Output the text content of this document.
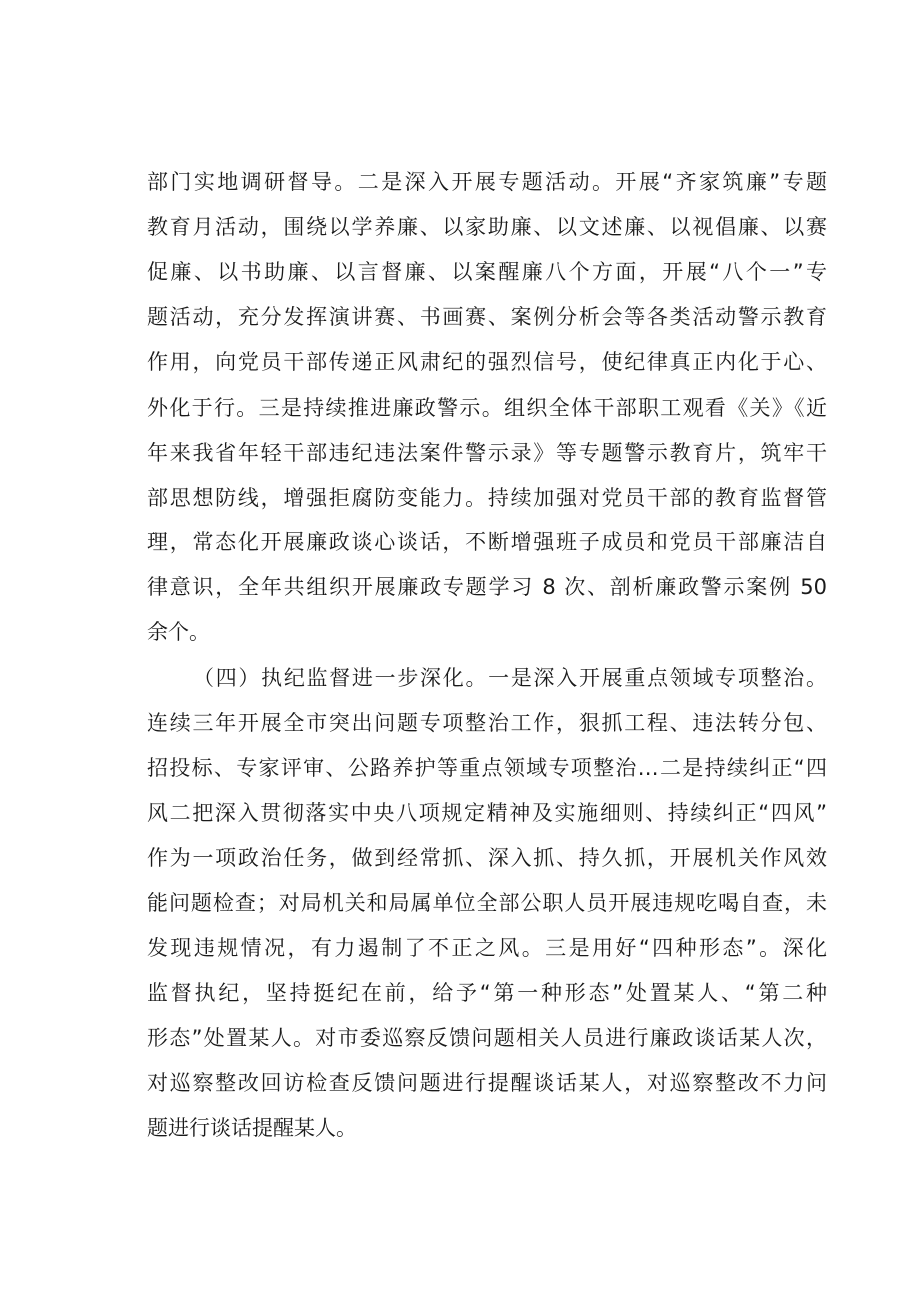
部门实地调研督导。二是深入开展专题活动。开展“齐家筑廉”专题
教育月活动，围绕以学养廉、以家助廉、以文述廉、以视倡廉、以赛
促廉、以书助廉、以言督廉、以案醒廉八个方面，开展“八个一”专
题活动，充分发挥演讲赛、书画赛、案例分析会等各类活动警示教育
作用，向党员干部传递正风肃纪的强烈信号，使纪律真正内化于心、
外化于行。三是持续推进廉政警示。组织全体干部职工观看《关》《近
年来我省年轻干部违纪违法案件警示录》等专题警示教育片，筑牢干
部思想防线，增强拒腐防变能力。持续加强对党员干部的教育监督管
理，常态化开展廉政谈心谈话，不断增强班子成员和党员干部廉洁自
律意识，全年共组织开展廉政专题学习 8 次、剖析廉政警示案例 50
余个。
（四）执纪监督进一步深化。一是深入开展重点领域专项整治。
连续三年开展全市突出问题专项整治工作，狠抓工程、违法转分包、
招投标、专家评审、公路养护等重点领域专项整治…二是持续纠正“四
风二把深入贯彻落实中央八项规定精神及实施细则、持续纠正“四风”
作为一项政治任务，做到经常抓、深入抓、持久抓，开展机关作风效
能问题检查；对局机关和局属单位全部公职人员开展违规吃喝自查，未
发现违规情况，有力遏制了不正之风。三是用好“四种形态”。深化
监督执纪，坚持挺纪在前，给予“第一种形态”处置某人、“第二种
形态”处置某人。对市委巡察反馈问题相关人员进行廉政谈话某人次，
对巡察整改回访检查反馈问题进行提醒谈话某人，对巡察整改不力问
题进行谈话提醒某人。
